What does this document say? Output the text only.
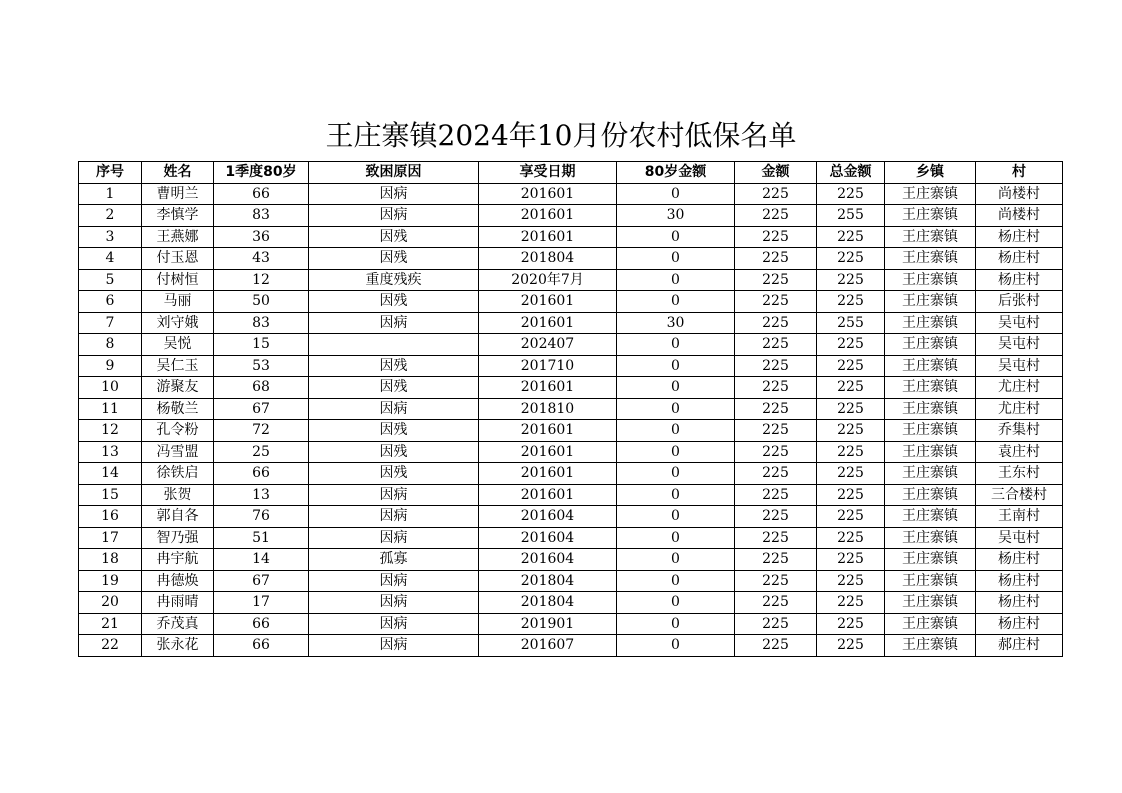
王庄寨镇2024年10月份农村低保名单
序号	姓名	1季度80岁	致困原因	享受日期	80岁金额	金额	总金额	乡镇	村
1	曹明兰	66	因病	201601	0	225	225	王庄寨镇	尚楼村
2	李慎学	83	因病	201601	30	225	255	王庄寨镇	尚楼村
3	王燕娜	36	因残	201601	0	225	225	王庄寨镇	杨庄村
4	付玉恩	43	因残	201804	0	225	225	王庄寨镇	杨庄村
5	付树恒	12	重度残疾	2020年7月	0	225	225	王庄寨镇	杨庄村
6	马丽	50	因残	201601	0	225	225	王庄寨镇	后张村
7	刘守娥	83	因病	201601	30	225	255	王庄寨镇	吴屯村
8	吴悦	15		202407	0	225	225	王庄寨镇	吴屯村
9	吴仁玉	53	因残	201710	0	225	225	王庄寨镇	吴屯村
10	游聚友	68	因残	201601	0	225	225	王庄寨镇	尤庄村
11	杨敬兰	67	因病	201810	0	225	225	王庄寨镇	尤庄村
12	孔令粉	72	因残	201601	0	225	225	王庄寨镇	乔集村
13	冯雪盟	25	因残	201601	0	225	225	王庄寨镇	袁庄村
14	徐铁启	66	因残	201601	0	225	225	王庄寨镇	王东村
15	张贺	13	因病	201601	0	225	225	王庄寨镇	三合楼村
16	郭自各	76	因病	201604	0	225	225	王庄寨镇	王南村
17	智乃强	51	因病	201604	0	225	225	王庄寨镇	吴屯村
18	冉宇航	14	孤寡	201604	0	225	225	王庄寨镇	杨庄村
19	冉德焕	67	因病	201804	0	225	225	王庄寨镇	杨庄村
20	冉雨晴	17	因病	201804	0	225	225	王庄寨镇	杨庄村
21	乔茂真	66	因病	201901	0	225	225	王庄寨镇	杨庄村
22	张永花	66	因病	201607	0	225	225	王庄寨镇	郝庄村
